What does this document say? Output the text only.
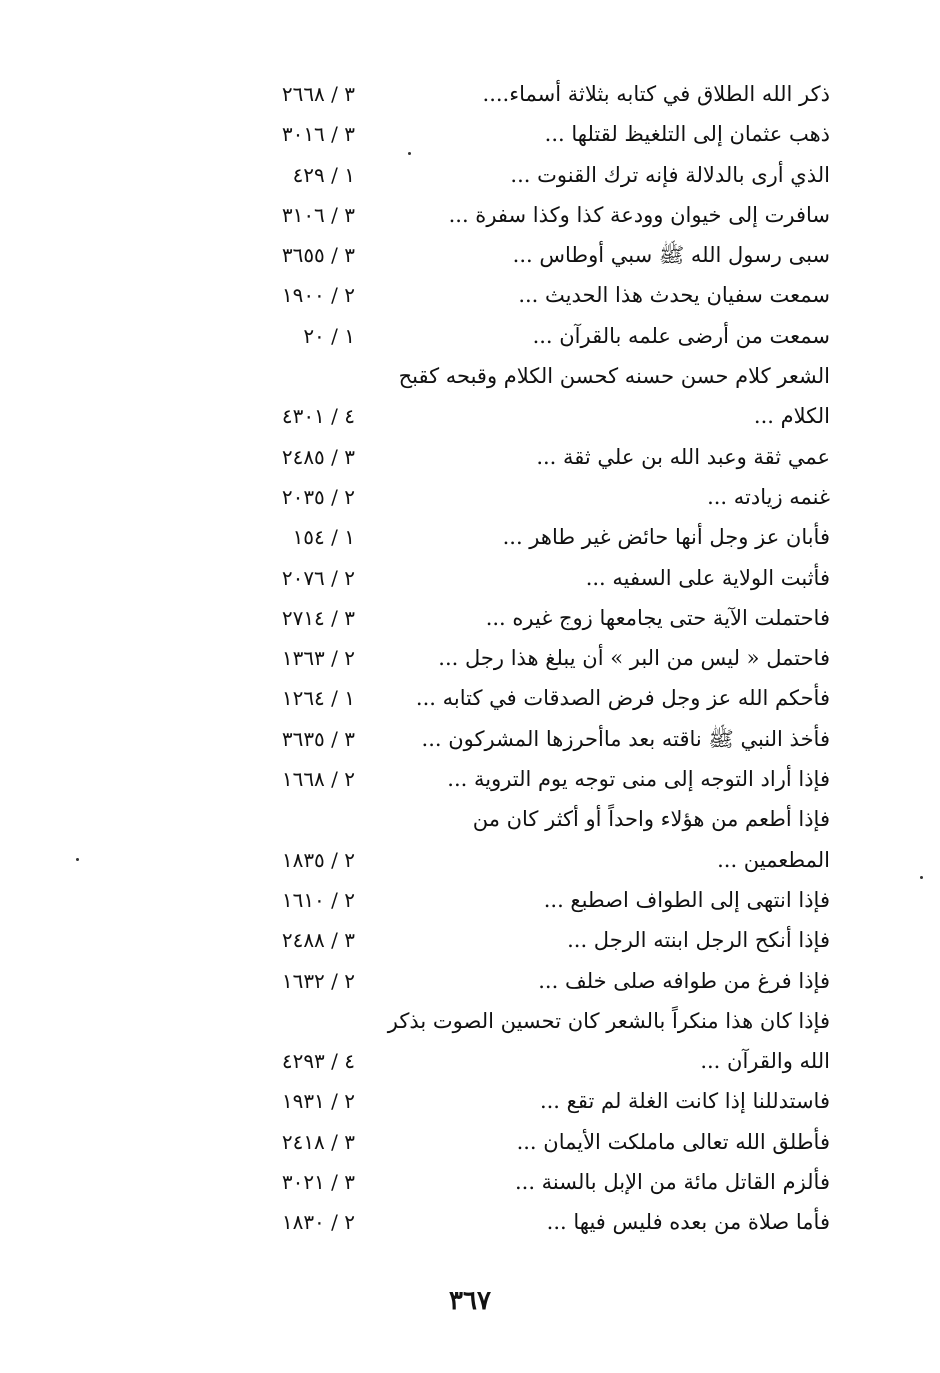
ذكر الله الطلاق في كتابه بثلاثة أسماء....
٣ / ٢٦٦٨
ذهب عثمان إلى التلغيظ لقتلها ...
٣ / ٣٠١٦
الذي أرى بالدلالة فإنه ترك القنوت ...
١ / ٤٢٩
سافرت إلى خيوان وودعة كذا وكذا سفرة ...
٣ / ٣١٠٦
سبى رسول الله ﷺ سبي أوطاس ...
٣ / ٣٦٥٥
سمعت سفيان يحدث هذا الحديث ...
٢ / ١٩٠٠
سمعت من أرضى علمه بالقرآن ...
١ / ٢٠
الشعر كلام حسن حسنه كحسن الكلام وقبحه كقبح
الكلام ...
٤ / ٤٣٠١
عمي ثقة وعبد الله بن علي ثقة ...
٣ / ٢٤٨٥
غنمه زيادته ...
٢ / ٢٠٣٥
فأبان عز وجل أنها حائض غير طاهر ...
١ / ١٥٤
فأثبت الولاية على السفيه ...
٢ / ٢٠٧٦
فاحتملت الآية حتى يجامعها زوج غيره ...
٣ / ٢٧١٤
فاحتمل « ليس من البر » أن يبلغ هذا رجل ...
٢ / ١٣٦٣
فأحكم الله عز وجل فرض الصدقات في كتابه ...
١ / ١٢٦٤
فأخذ النبي ﷺ ناقته بعد ماأحرزها المشركون ...
٣ / ٣٦٣٥
فإذا أراد التوجه إلى منى توجه يوم التروية ...
٢ / ١٦٦٨
فإذا أطعم من هؤلاء واحداً أو أكثر كان من
المطعمين ...
٢ / ١٨٣٥
فإذا انتهى إلى الطواف اصطبع ...
٢ / ١٦١٠
فإذا أنكح الرجل ابنته الرجل ...
٣ / ٢٤٨٨
فإذا فرغ من طوافه صلى خلف ...
٢ / ١٦٣٢
فإذا كان هذا منكراً بالشعر كان تحسين الصوت بذكر
الله والقرآن ...
٤ / ٤٢٩٣
فاستدللنا إذا كانت الغلة لم تقع ...
٢ / ١٩٣١
فأطلق الله تعالى ماملكت الأيمان ...
٣ / ٢٤١٨
فألزم القاتل مائة من الإبل بالسنة ...
٣ / ٣٠٢١
فأما صلاة من بعده فليس فيها ...
٢ / ١٨٣٠
٣٦٧
